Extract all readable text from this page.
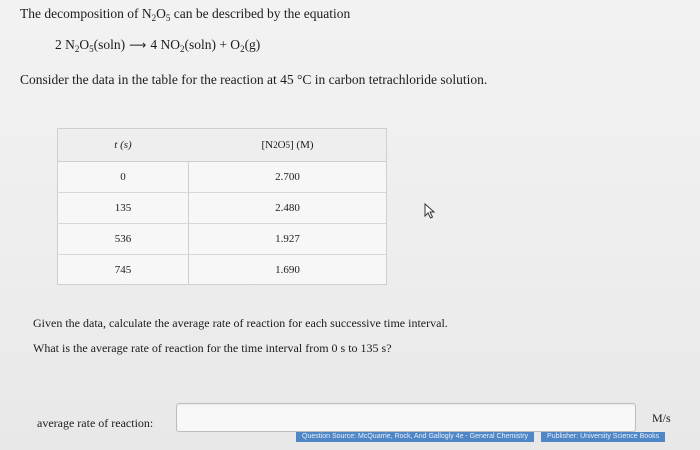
The decomposition of $N_2O_5$ can be described by the equation
2 $N_2O_5(soln)$ ⟶ 4 $NO_2(soln) + O_2(g)$
Consider the data in the table for the reaction at 45 °C in carbon tetrachloride solution.
t (s)	[N 2 O 5 ] (M)
0	2.700
135	2.480
536	1.927
745	1.690
Given the data, calculate the average rate of reaction for each successive time interval.
What is the average rate of reaction for the time interval from 0 s to 135 s?
average rate of reaction:	M/s
Question Source: McQuarrie, Rock, And Gallogly 4e - General Chemistry	Publisher: University Science Books
